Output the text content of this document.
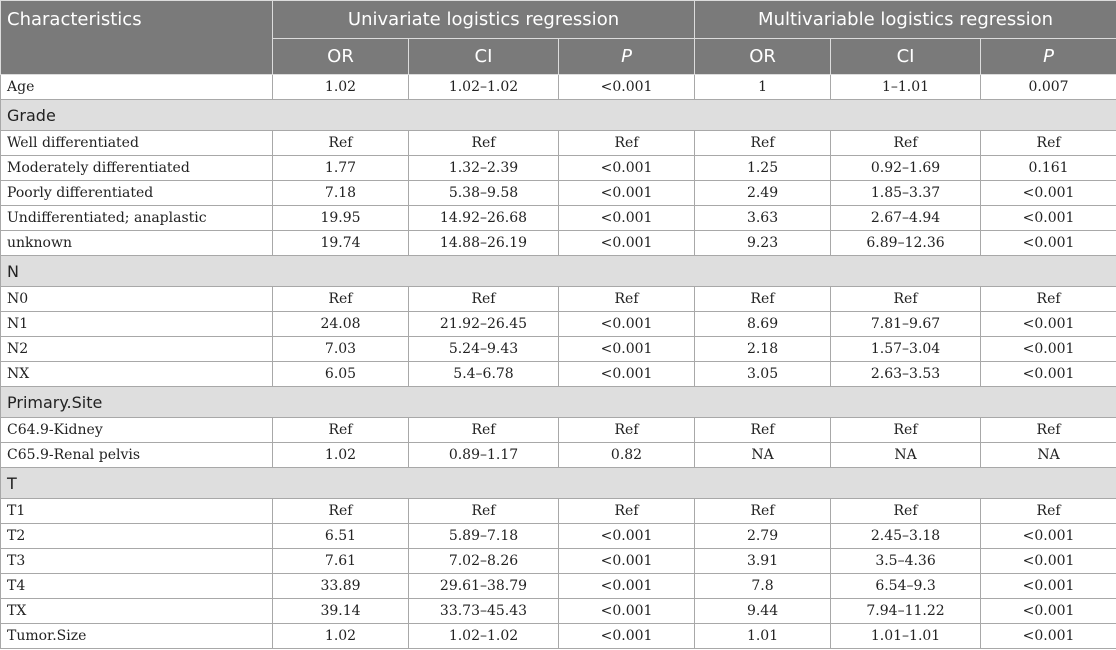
Characteristics	Univariate logistics regression			Multivariable logistics regression		
	OR	CI	P	OR	CI	P
Age	1.02	1.02–1.02	<0.001	1	1–1.01	0.007
Grade						
Well differentiated	Ref	Ref	Ref	Ref	Ref	Ref
Moderately differentiated	1.77	1.32–2.39	<0.001	1.25	0.92–1.69	0.161
Poorly differentiated	7.18	5.38–9.58	<0.001	2.49	1.85–3.37	<0.001
Undifferentiated; anaplastic	19.95	14.92–26.68	<0.001	3.63	2.67–4.94	<0.001
unknown	19.74	14.88–26.19	<0.001	9.23	6.89–12.36	<0.001
N						
N0	Ref	Ref	Ref	Ref	Ref	Ref
N1	24.08	21.92–26.45	<0.001	8.69	7.81–9.67	<0.001
N2	7.03	5.24–9.43	<0.001	2.18	1.57–3.04	<0.001
NX	6.05	5.4–6.78	<0.001	3.05	2.63–3.53	<0.001
Primary.Site						
C64.9-Kidney	Ref	Ref	Ref	Ref	Ref	Ref
C65.9-Renal pelvis	1.02	0.89–1.17	0.82	NA	NA	NA
T						
T1	Ref	Ref	Ref	Ref	Ref	Ref
T2	6.51	5.89–7.18	<0.001	2.79	2.45–3.18	<0.001
T3	7.61	7.02–8.26	<0.001	3.91	3.5–4.36	<0.001
T4	33.89	29.61–38.79	<0.001	7.8	6.54–9.3	<0.001
TX	39.14	33.73–45.43	<0.001	9.44	7.94–11.22	<0.001
Tumor.Size	1.02	1.02–1.02	<0.001	1.01	1.01–1.01	<0.001
